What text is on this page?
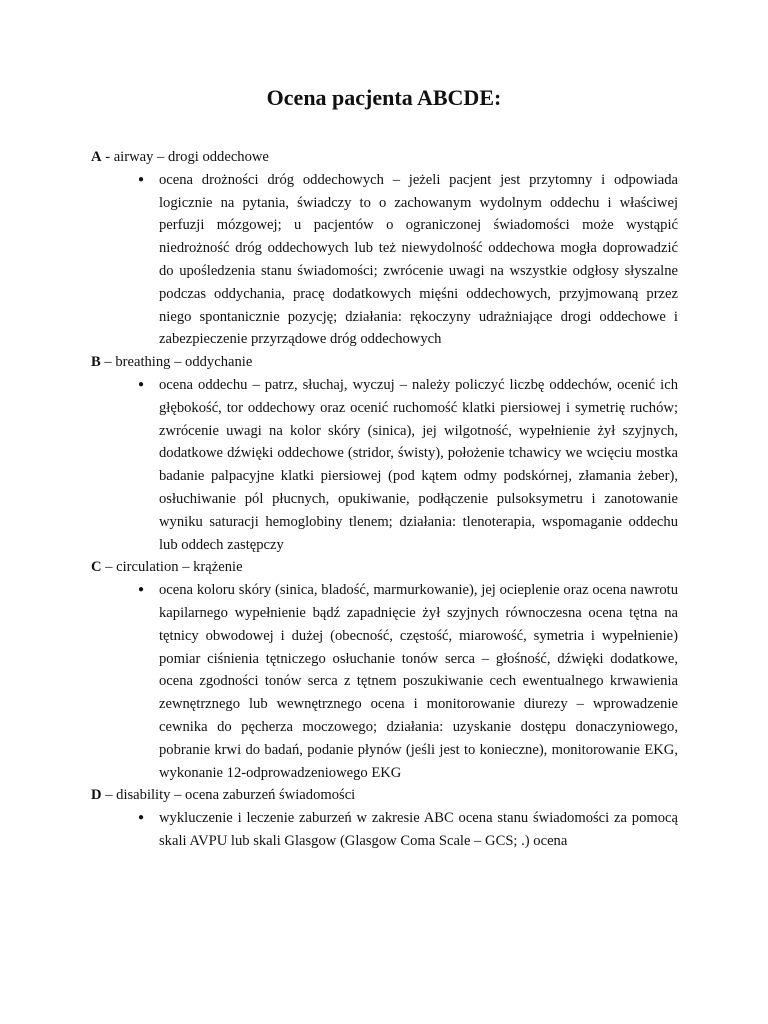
Ocena pacjenta ABCDE:

A - airway – drogi oddechowe

● ocena drożności dróg oddechowych – jeżeli pacjent jest przytomny i odpowiada logicznie na pytania, świadczy to o zachowanym wydolnym oddechu i właściwej perfuzji mózgowej; u pacjentów o ograniczonej świadomości może wystąpić niedrożność dróg oddechowych lub też niewydolność oddechowa mogła doprowadzić do upośledzenia stanu świadomości; zwrócenie uwagi na wszystkie odgłosy słyszalne podczas oddychania, pracę dodatkowych mięśni oddechowych, przyjmowaną przez niego spontanicznie pozycję; działania: rękoczyny udrażniające drogi oddechowe i zabezpieczenie przyrządowe dróg oddechowych

B – breathing – oddychanie

● ocena oddechu – patrz, słuchaj, wyczuj – należy policzyć liczbę oddechów, ocenić ich głębokość, tor oddechowy oraz ocenić ruchomość klatki piersiowej i symetrię ruchów; zwrócenie uwagi na kolor skóry (sinica), jej wilgotność, wypełnienie żył szyjnych, dodatkowe dźwięki oddechowe (stridor, świsty), położenie tchawicy we wcięciu mostka badanie palpacyjne klatki piersiowej (pod kątem odmy podskórnej, złamania żeber), osłuchiwanie pól płucnych, opukiwanie, podłączenie pulsoksymetru i zanotowanie wyniku saturacji hemoglobiny tlenem; działania: tlenoterapia, wspomaganie oddechu lub oddech zastępczy

C – circulation – krążenie

● ocena koloru skóry (sinica, bladość, marmurkowanie), jej ocieplenie oraz ocena nawrotu kapilarnego wypełnienie bądź zapadnięcie żył szyjnych równoczesna ocena tętna na tętnicy obwodowej i dużej (obecność, częstość, miarowość, symetria i wypełnienie) pomiar ciśnienia tętniczego osłuchanie tonów serca – głośność, dźwięki dodatkowe, ocena zgodności tonów serca z tętnem poszukiwanie cech ewentualnego krwawienia zewnętrznego lub wewnętrznego ocena i monitorowanie diurezy – wprowadzenie cewnika do pęcherza moczowego; działania: uzyskanie dostępu donaczyniowego, pobranie krwi do badań, podanie płynów (jeśli jest to konieczne), monitorowanie EKG, wykonanie 12-odprowadzeniowego EKG

D – disability – ocena zaburzeń świadomości

● wykluczenie i leczenie zaburzeń w zakresie ABC ocena stanu świadomości za pomocą skali AVPU lub skali Glasgow (Glasgow Coma Scale – GCS; .) ocena
